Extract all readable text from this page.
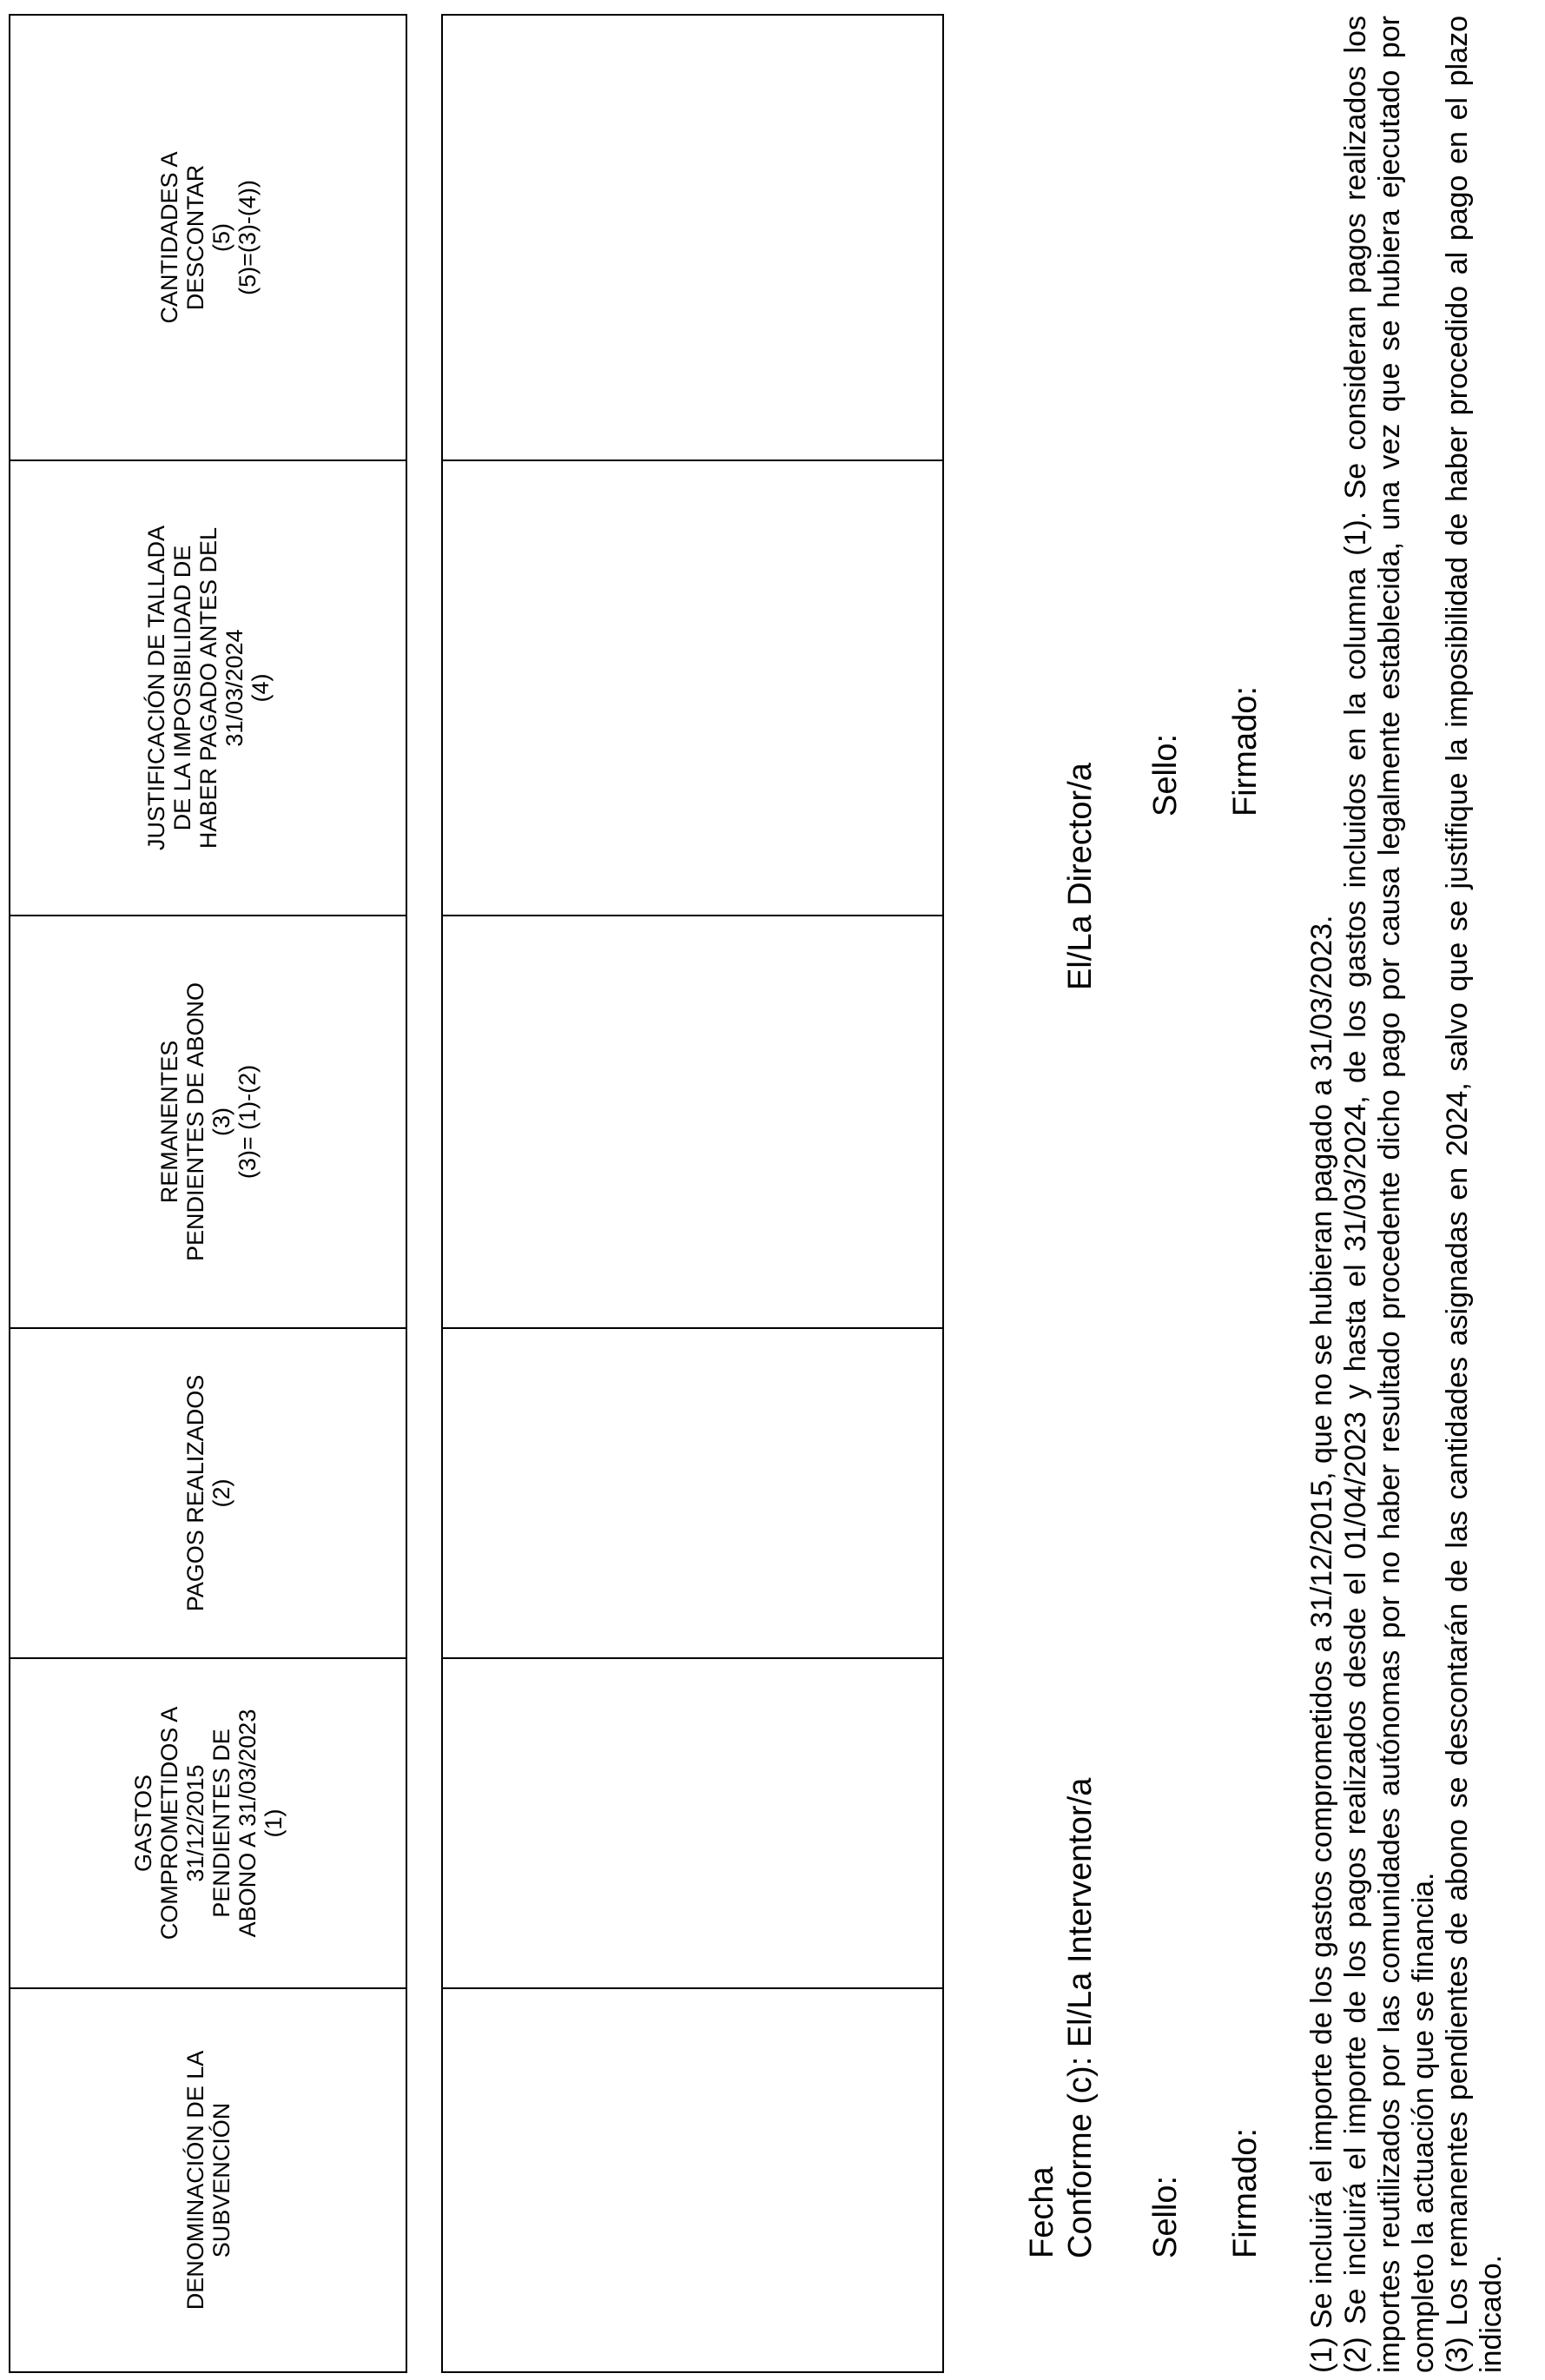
DENOMINACIÓN DE LA SUBVENCIÓN

GASTOS COMPROMETIDOS A 31/12/2015 PENDIENTES DE ABONO A 31/03/2023 (1)

PAGOS REALIZADOS (2)

REMANENTES PENDIENTES DE ABONO (3) (3)= (1)-(2)

JUSTIFICACIÓN DE TALLADA DE LA IMPOSIBILIDAD DE HABER PAGADO ANTES DEL 31/03/2024 (4)

CANTIDADES A DESCONTAR (5) (5)=(3)-(4))

Fecha Conforme (c): El/La Interventor/a Sello: Firmado:
El/La Director/a Sello: Firmado:

(1) Se incluirá el importe de los gastos comprometidos a 31/12/2015, que no se hubieran pagado a 31/03/2023. (2) Se incluirá el importe de los pagos realizados desde el 01/04/2023 y hasta el 31/03/2024, de los gastos incluidos en la columna (1). Se consideran pagos realizados los importes reutilizados por las comunidades autónomas por no haber resultado procedente dicho pago por causa legalmente establecida, una vez que se hubiera ejecutado por completo la actuación que se financia. (3) Los remanentes pendientes de abono se descontarán de las cantidades asignadas en 2024, salvo que se justifique la imposibilidad de haber procedido al pago en el plazo indicado.
